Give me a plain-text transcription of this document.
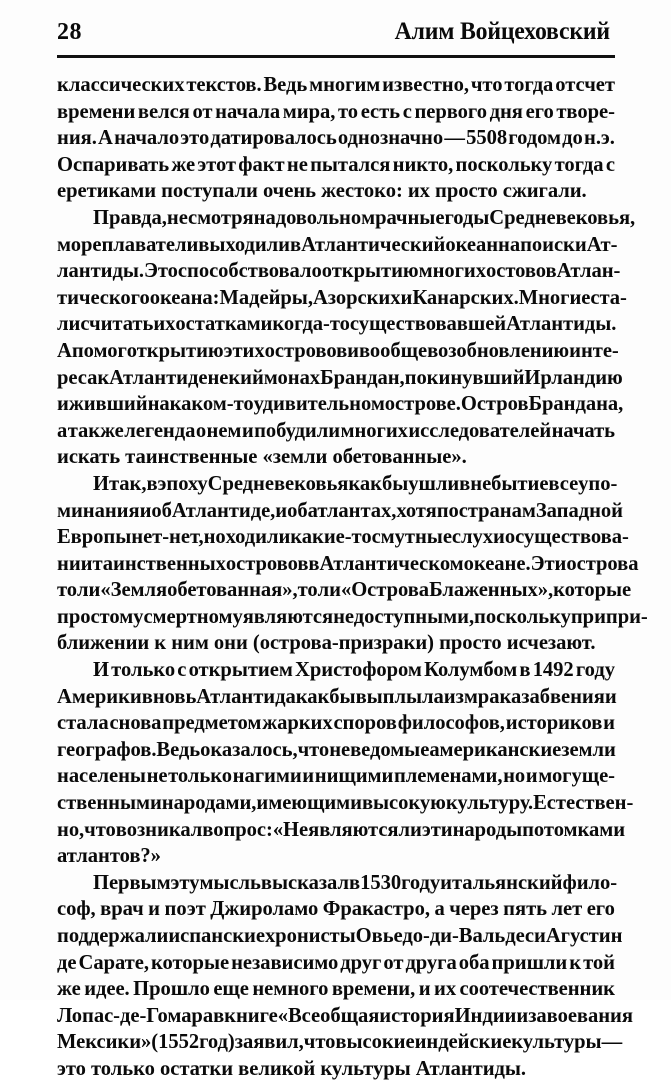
28	Алим Войцеховский
классических текстов. Ведь многим известно, что тогда отсчет
времени велся от начала мира, то есть с первого дня его творе-
ния. А начало это датировалось однозначно — 5508 годом до н.э.
Оспаривать же этот факт не пытался никто, поскольку тогда с
еретиками поступали очень жестоко: их просто сжигали.
Правда, несмотря на довольно мрачные годы Средневековья,
мореплаватели выходили в Атлантический океан на поиски Ат-
лантиды. Это способствовало открытию многих остовов Атлан-
тического океана: Мадейры, Азорских и Канарских. Многие ста-
ли считать их остатками когда-то существовавшей Атлантиды.
А помог открытию этих островов и вообще возобновлению инте-
реса к Атлантиде некий монах Брандан, покинувший Ирландию
и живший на каком-то удивительном острове. Остров Брандана,
а также легенда о нем и побудили многих исследователей начать
искать таинственные «земли обетованные».
Итак, в эпоху Средневековья как бы ушли в небытие все упо-
минания и об Атлантиде, и об атлантах, хотя по странам Западной
Европы нет-нет, но ходили какие-то смутные слухи о существова-
нии таинственных островов в Атлантическом океане. Эти острова
то ли «Земля обетованная», то ли «Острова Блаженных», которые
простому смертному являются недоступными, поскольку при при-
ближении к ним они (острова-призраки) просто исчезают.
И только с открытием Христофором Колумбом в 1492 году
Америки вновь Атлантида как бы выплыла из мрака забвения и
стала снова предметом жарких споров философов, историков и
географов. Ведь оказалось, что неведомые американские земли
населены не только нагими и нищими племенами, но и могуще-
ственными народами, имеющими высокую культуру. Естествен-
но, что возникал вопрос: «Не являются ли эти народы потомками
атлантов?»
Первым эту мысль высказал в 1530 году итальянский фило-
соф, врач и поэт Джироламо Фракастро, а через пять лет его
поддержали испанские хронисты Овьедо-ди-Вальдес и Агустин
де Сарате, которые независимо друг от друга оба пришли к той
же идее. Прошло еще немного времени, и их соотечественник
Лопас-де-Гомара в книге «Всеобщая история Индии и завоевания
Мексики» (1552 год) заявил, что высокие индейские культуры —
это только остатки великой культуры Атлантиды.
